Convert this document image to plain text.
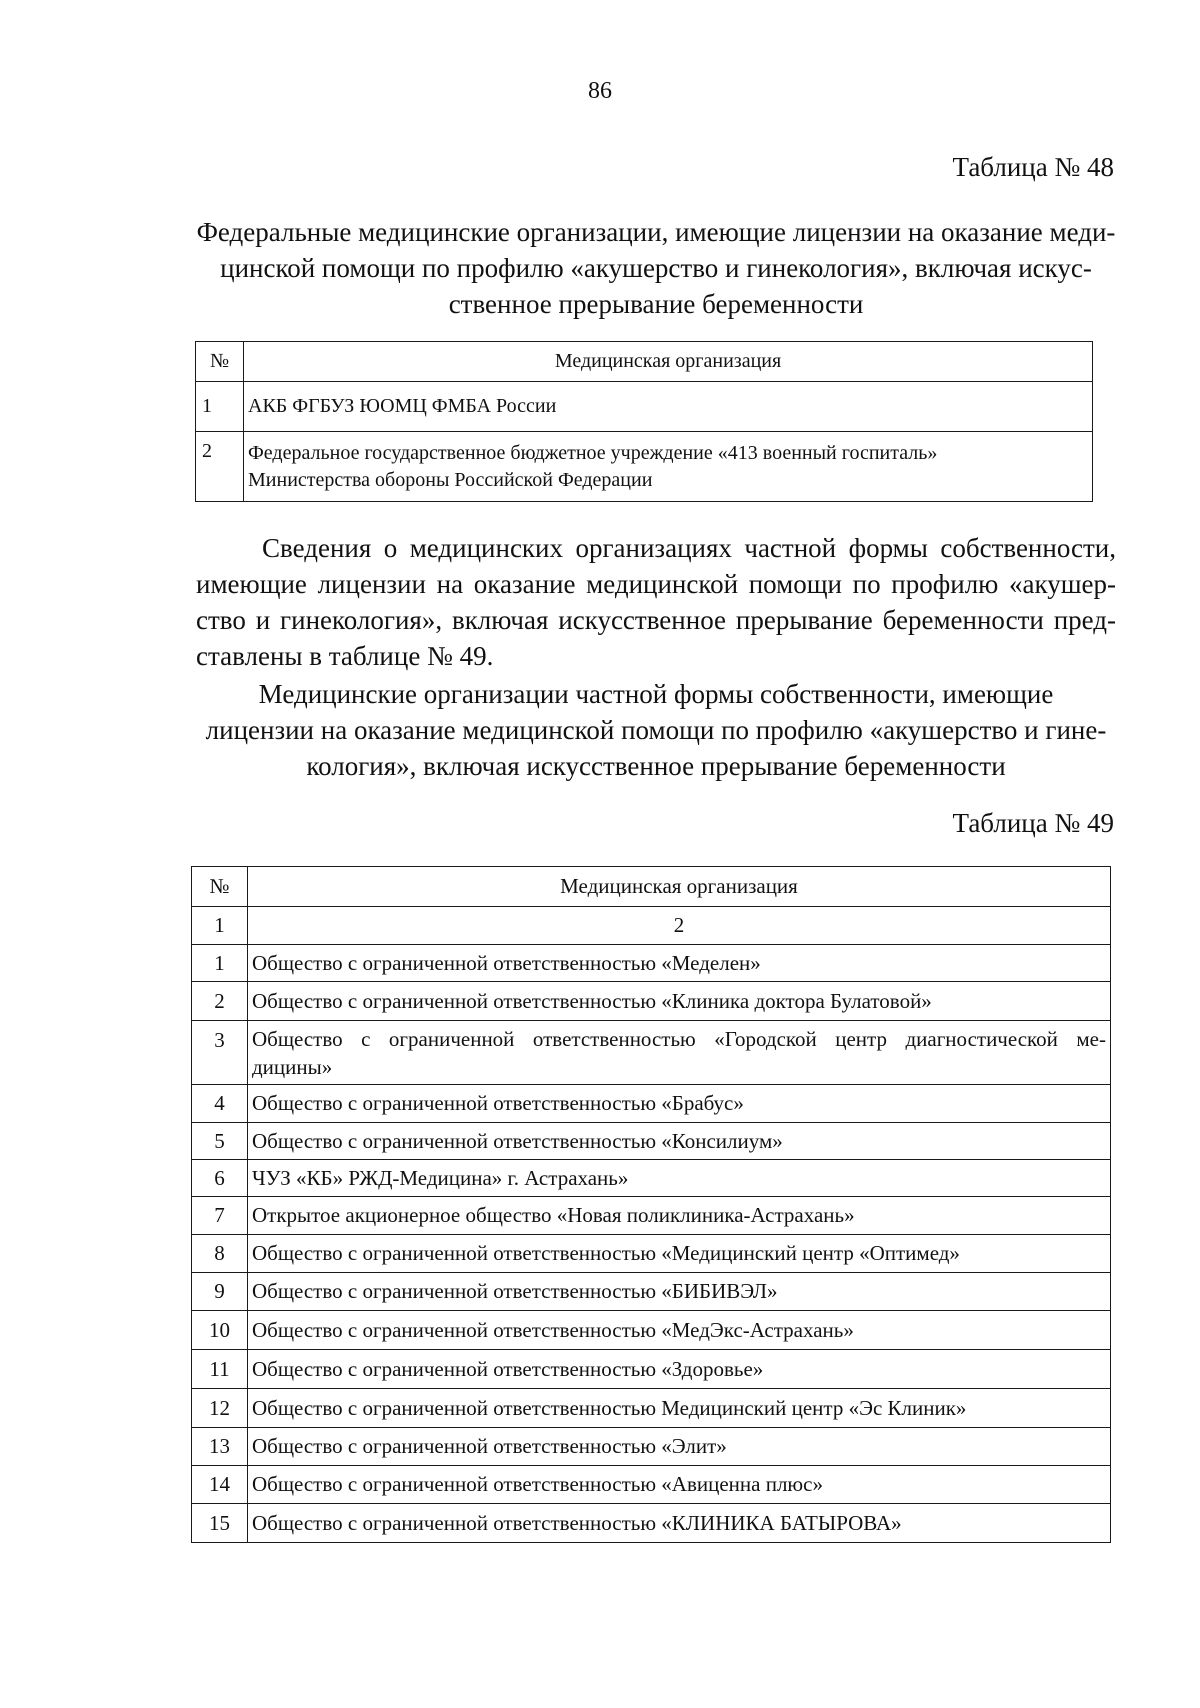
86
Таблица № 48
Федеральные медицинские организации, имеющие лицензии на оказание меди-
цинской помощи по профилю «акушерство и гинекология», включая искус-
ственное прерывание беременности
№	Медицинская организация
1	АКБ ФГБУЗ ЮОМЦ ФМБА России
2	Федеральное государственное бюджетное учреждение «413 военный госпиталь»
Министерства обороны Российской Федерации
Сведения о медицинских организациях частной формы собственности,
имеющие лицензии на оказание медицинской помощи по профилю «акушер-
ство и гинекология», включая искусственное прерывание беременности пред-
ставлены в таблице № 49.
Медицинские организации частной формы собственности, имеющие
лицензии на оказание медицинской помощи по профилю «акушерство и гине-
кология», включая искусственное прерывание беременности
Таблица № 49
№	Медицинская организация
1	2
1	Общество с ограниченной ответственностью «Меделен»
2	Общество с ограниченной ответственностью «Клиника доктора Булатовой»
3	Общество с ограниченной ответственностью «Городской центр диагностической ме-
дицины»

4	Общество с ограниченной ответственностью «Брабус»
5	Общество с ограниченной ответственностью «Консилиум»
6	ЧУЗ «КБ» РЖД-Медицина» г. Астрахань»
7	Открытое акционерное общество «Новая поликлиника-Астрахань»
8	Общество с ограниченной ответственностью «Медицинский центр «Оптимед»
9	Общество с ограниченной ответственностью «БИБИВЭЛ»
10	Общество с ограниченной ответственностью «МедЭкс-Астрахань»
11	Общество с ограниченной ответственностью «Здоровье»
12	Общество с ограниченной ответственностью Медицинский центр «Эс Клиник»
13	Общество с ограниченной ответственностью «Элит»
14	Общество с ограниченной ответственностью «Авиценна плюс»
15	Общество с ограниченной ответственностью «КЛИНИКА БАТЫРОВА»
